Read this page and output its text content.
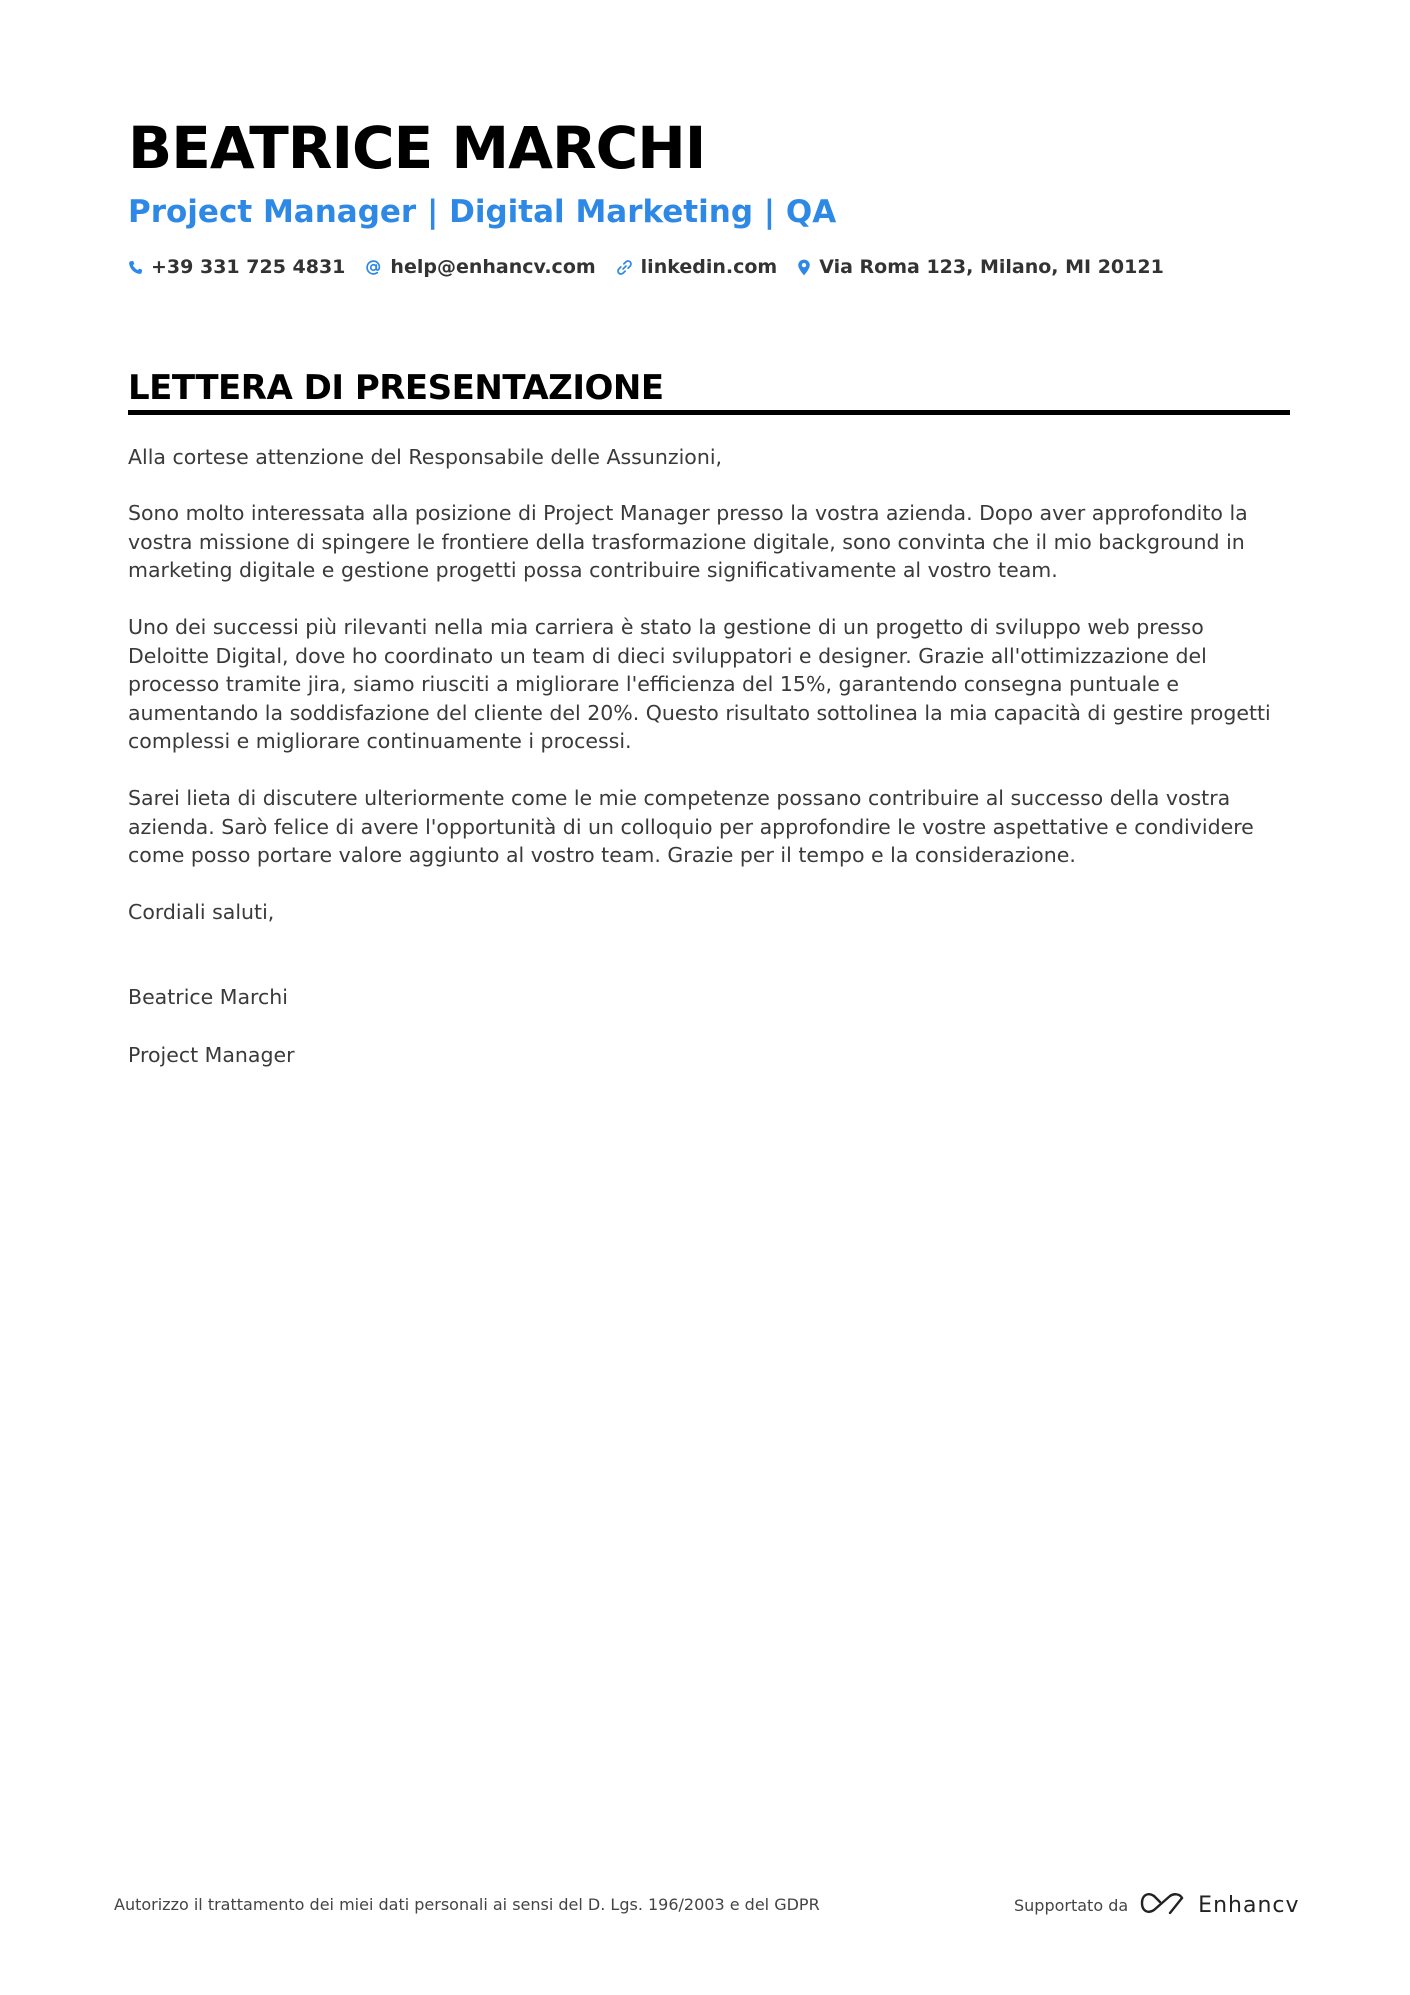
BEATRICE MARCHI
Project Manager | Digital Marketing | QA
+39 331 725 4831 help@enhancv.com linkedin.com Via Roma 123, Milano, MI 20121
LETTERA DI PRESENTAZIONE

Alla cortese attenzione del Responsabile delle Assunzioni,

Sono molto interessata alla posizione di Project Manager presso la vostra azienda. Dopo aver approfondito la vostra missione di spingere le frontiere della trasformazione digitale, sono convinta che il mio background in marketing digitale e gestione progetti possa contribuire significativamente al vostro team.

Uno dei successi più rilevanti nella mia carriera è stato la gestione di un progetto di sviluppo web presso Deloitte Digital, dove ho coordinato un team di dieci sviluppatori e designer. Grazie all'ottimizzazione del processo tramite jira, siamo riusciti a migliorare l'efficienza del 15%, garantendo consegna puntuale e aumentando la soddisfazione del cliente del 20%. Questo risultato sottolinea la mia capacità di gestire progetti complessi e migliorare continuamente i processi.

Sarei lieta di discutere ulteriormente come le mie competenze possano contribuire al successo della vostra azienda. Sarò felice di avere l'opportunità di un colloquio per approfondire le vostre aspettative e condividere come posso portare valore aggiunto al vostro team. Grazie per il tempo e la considerazione.

Cordiali saluti,

Beatrice Marchi

Project Manager

Autorizzo il trattamento dei miei dati personali ai sensi del D. Lgs. 196/2003 e del GDPR	Supportato da	Enhancv
